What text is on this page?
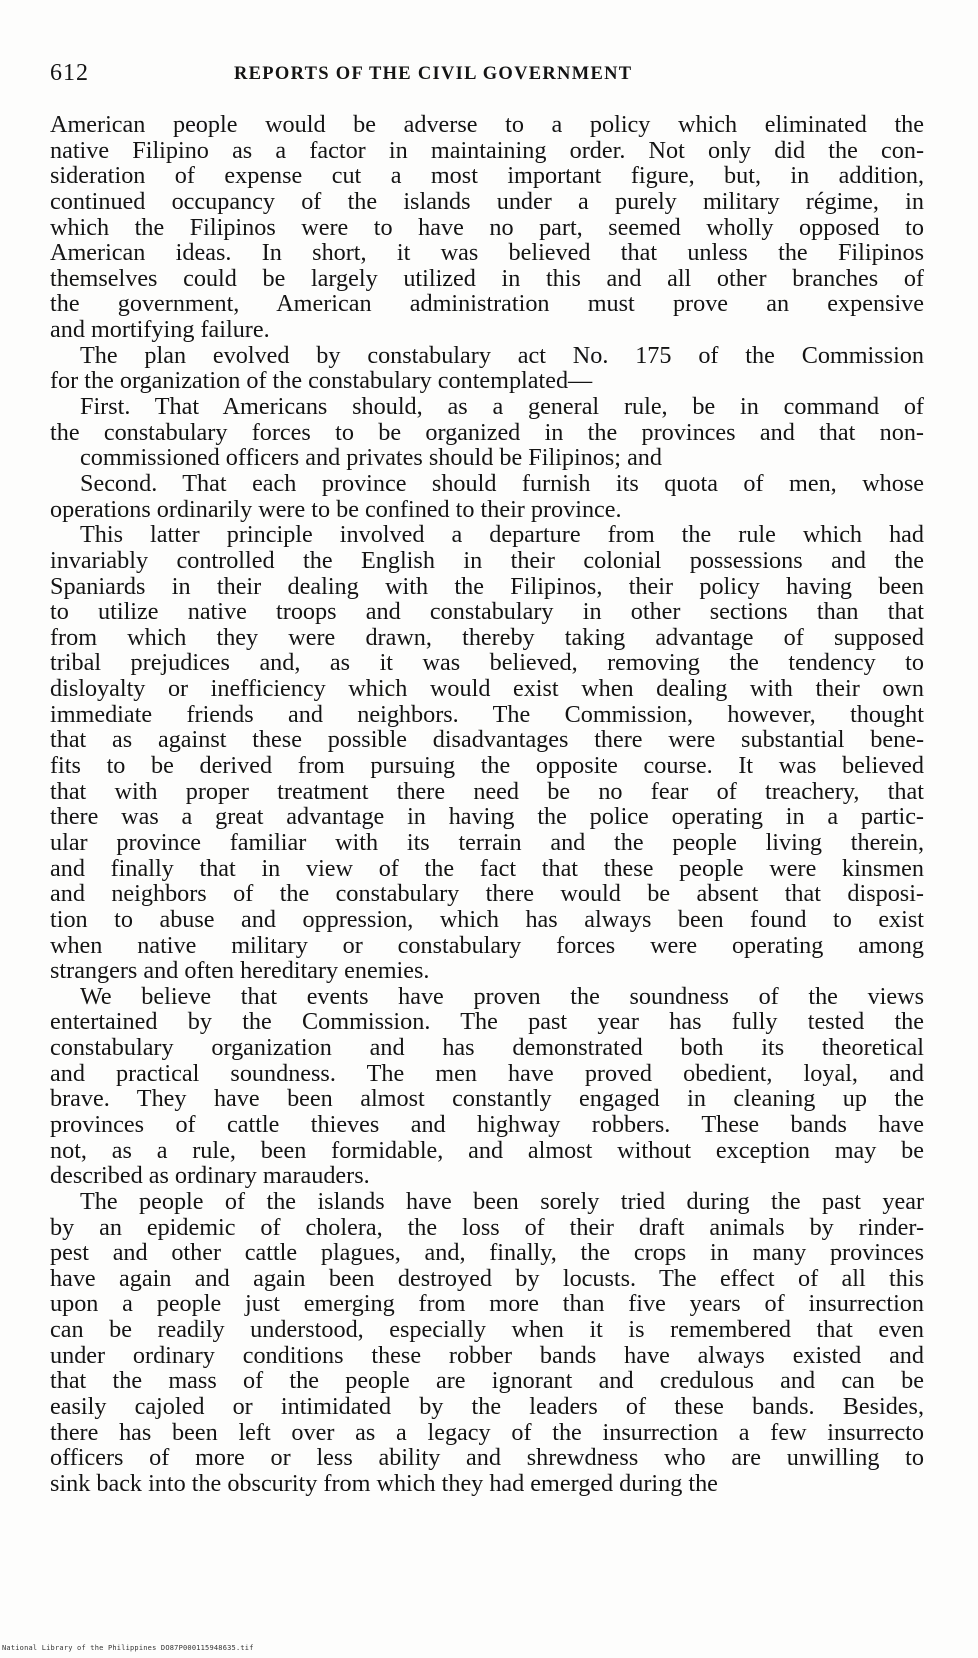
612	REPORTS OF THE CIVIL GOVERNMENT
American people would be adverse to a policy which eliminated the
native Filipino as a factor in maintaining order. Not only did the con-
sideration of expense cut a most important figure, but, in addition,
continued occupancy of the islands under a purely military régime, in
which the Filipinos were to have no part, seemed wholly opposed to
American ideas. In short, it was believed that unless the Filipinos
themselves could be largely utilized in this and all other branches of
the government, American administration must prove an expensive
and mortifying failure.
The plan evolved by constabulary act No. 175 of the Commission
for the organization of the constabulary contemplated—
First. That Americans should, as a general rule, be in command of
the constabulary forces to be organized in the provinces and that non-
commissioned officers and privates should be Filipinos; and
Second. That each province should furnish its quota of men, whose
operations ordinarily were to be confined to their province.
This latter principle involved a departure from the rule which had
invariably controlled the English in their colonial possessions and the
Spaniards in their dealing with the Filipinos, their policy having been
to utilize native troops and constabulary in other sections than that
from which they were drawn, thereby taking advantage of supposed
tribal prejudices and, as it was believed, removing the tendency to
disloyalty or inefficiency which would exist when dealing with their own
immediate friends and neighbors. The Commission, however, thought
that as against these possible disadvantages there were substantial bene-
fits to be derived from pursuing the opposite course. It was believed
that with proper treatment there need be no fear of treachery, that
there was a great advantage in having the police operating in a partic-
ular province familiar with its terrain and the people living therein,
and finally that in view of the fact that these people were kinsmen
and neighbors of the constabulary there would be absent that disposi-
tion to abuse and oppression, which has always been found to exist
when native military or constabulary forces were operating among
strangers and often hereditary enemies.
We believe that events have proven the soundness of the views
entertained by the Commission. The past year has fully tested the
constabulary organization and has demonstrated both its theoretical
and practical soundness. The men have proved obedient, loyal, and
brave. They have been almost constantly engaged in cleaning up the
provinces of cattle thieves and highway robbers. These bands have
not, as a rule, been formidable, and almost without exception may be
described as ordinary marauders.
The people of the islands have been sorely tried during the past year
by an epidemic of cholera, the loss of their draft animals by rinder-
pest and other cattle plagues, and, finally, the crops in many provinces
have again and again been destroyed by locusts. The effect of all this
upon a people just emerging from more than five years of insurrection
can be readily understood, especially when it is remembered that even
under ordinary conditions these robber bands have always existed and
that the mass of the people are ignorant and credulous and can be
easily cajoled or intimidated by the leaders of these bands. Besides,
there has been left over as a legacy of the insurrection a few insurrecto
officers of more or less ability and shrewdness who are unwilling to
sink back into the obscurity from which they had emerged during the
National Library of the Philippines DO87P000115948635.tif
